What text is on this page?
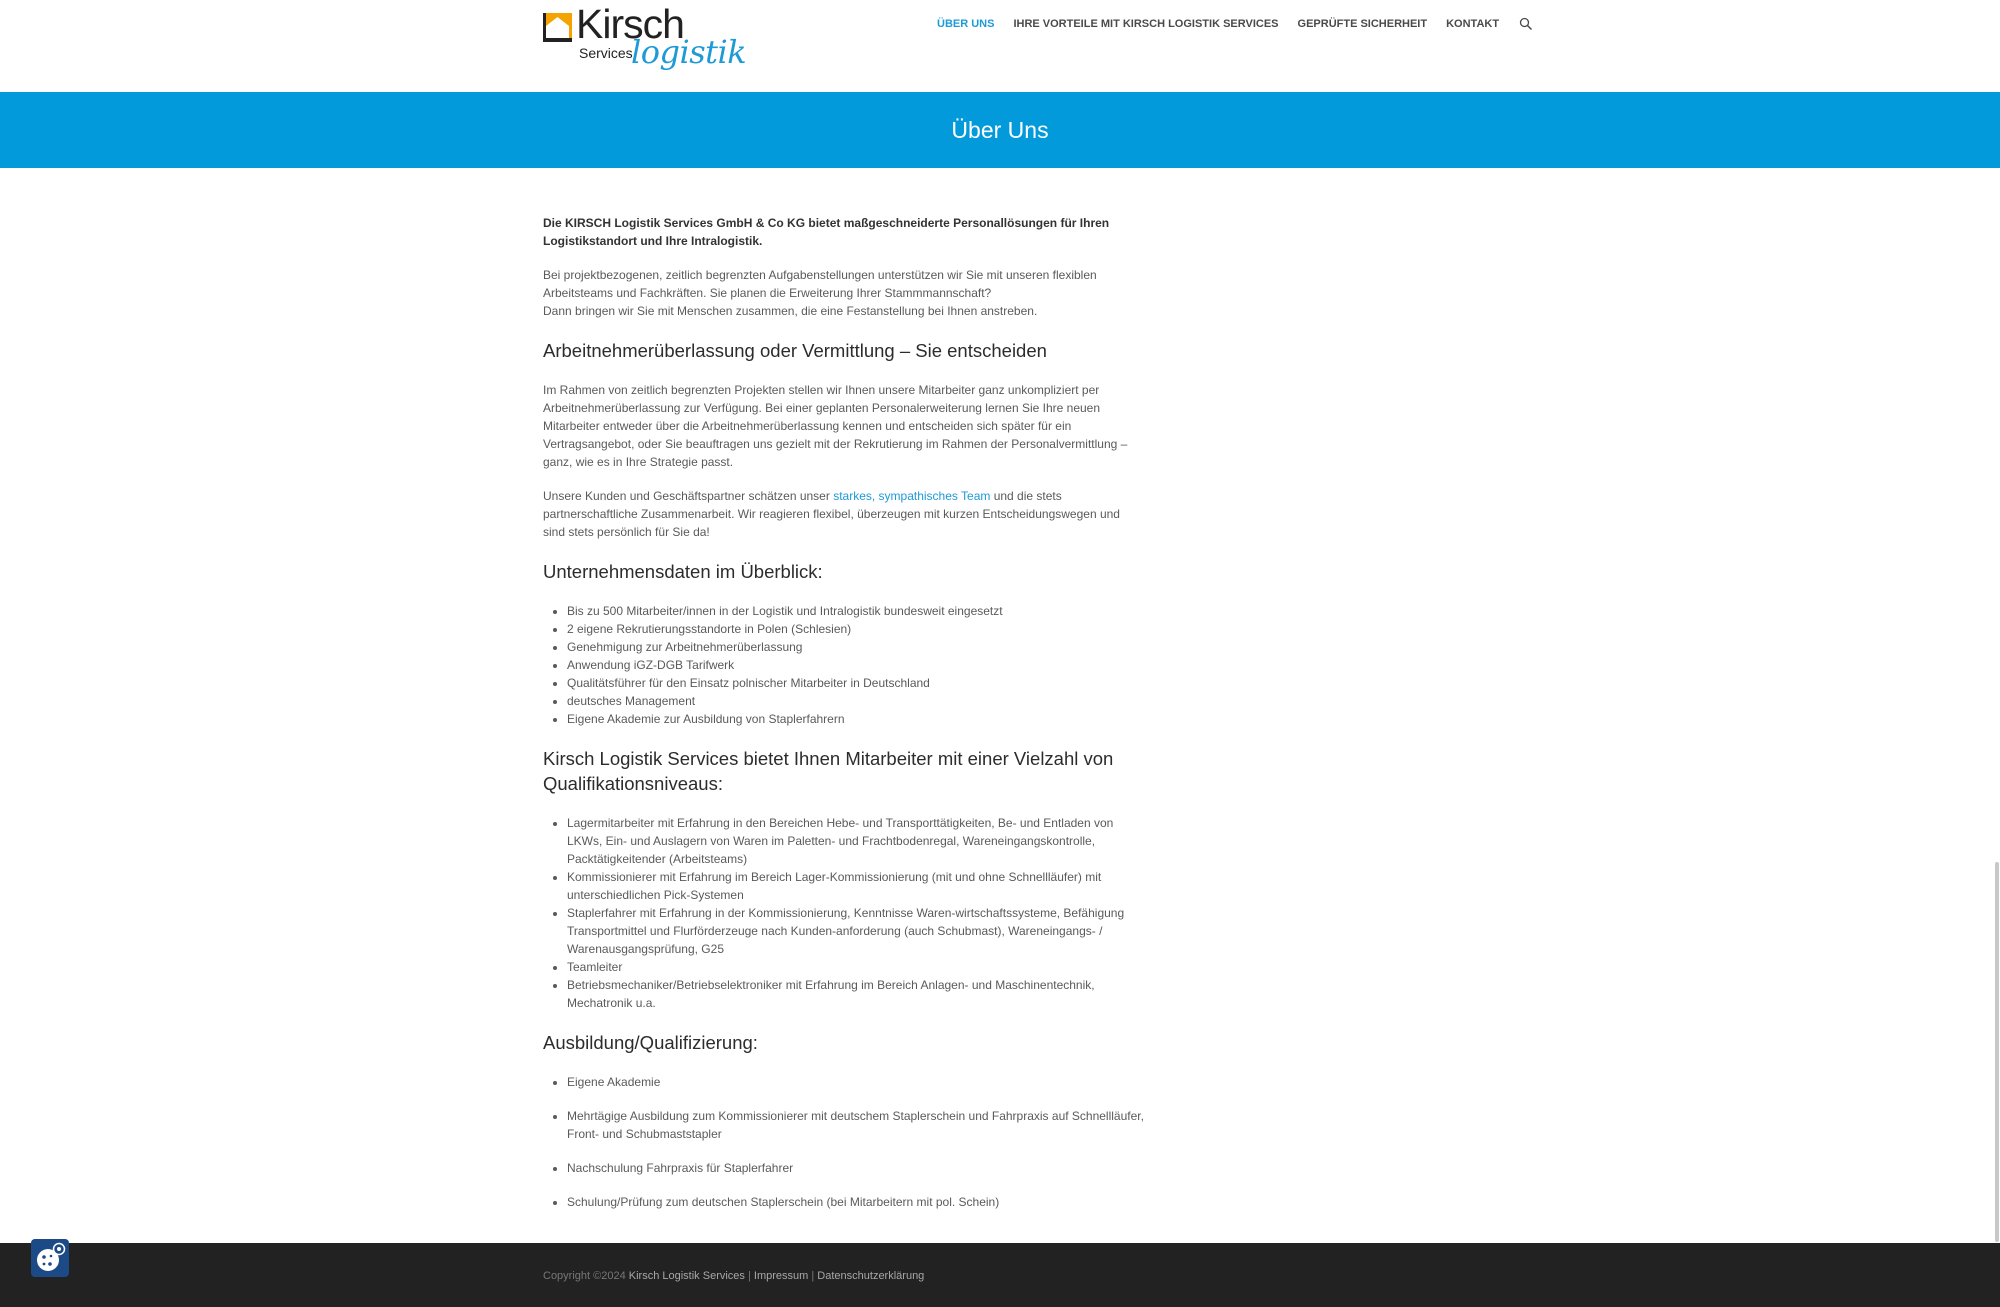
Kirsch
Services
logistik
ÜBER UNS IHRE VORTEILE MIT KIRSCH LOGISTIK SERVICES GEPRÜFTE SICHERHEIT KONTAKT
Über Uns

Die KIRSCH Logistik Services GmbH & Co KG bietet maßgeschneiderte Personallösungen für Ihren Logistikstandort und Ihre Intralogistik.

Bei projektbezogenen, zeitlich begrenzten Aufgabenstellungen unterstützen wir Sie mit unseren flexiblen Arbeitsteams und Fachkräften. Sie planen die Erweiterung Ihrer Stammmannschaft?
Dann bringen wir Sie mit Menschen zusammen, die eine Festanstellung bei Ihnen anstreben.

Arbeitnehmerüberlassung oder Vermittlung – Sie entscheiden

Im Rahmen von zeitlich begrenzten Projekten stellen wir Ihnen unsere Mitarbeiter ganz unkompliziert per Arbeitnehmerüberlassung zur Verfügung. Bei einer geplanten Personalerweiterung lernen Sie Ihre neuen Mitarbeiter entweder über die Arbeitnehmerüberlassung kennen und entscheiden sich später für ein Vertragsangebot, oder Sie beauftragen uns gezielt mit der Rekrutierung im Rahmen der Personalvermittlung – ganz, wie es in Ihre Strategie passt.

Unsere Kunden und Geschäftspartner schätzen unser starkes, sympathisches Team und die stets partnerschaftliche Zusammenarbeit. Wir reagieren flexibel, überzeugen mit kurzen Entscheidungswegen und sind stets persönlich für Sie da!

Unternehmensdaten im Überblick:
• Bis zu 500 Mitarbeiter/innen in der Logistik und Intralogistik bundesweit eingesetzt
• 2 eigene Rekrutierungsstandorte in Polen (Schlesien)
• Genehmigung zur Arbeitnehmerüberlassung
• Anwendung iGZ-DGB Tarifwerk
• Qualitätsführer für den Einsatz polnischer Mitarbeiter in Deutschland
• deutsches Management
• Eigene Akademie zur Ausbildung von Staplerfahrern
Kirsch Logistik Services bietet Ihnen Mitarbeiter mit einer Vielzahl von Qualifikationsniveaus:
• Lagermitarbeiter mit Erfahrung in den Bereichen Hebe- und Transporttätigkeiten, Be- und Entladen von LKWs, Ein- und Auslagern von Waren im Paletten- und Frachtbodenregal, Wareneingangskontrolle, Packtätigkeitender (Arbeitsteams)
• Kommissionierer mit Erfahrung im Bereich Lager-Kommissionierung (mit und ohne Schnellläufer) mit unterschiedlichen Pick-Systemen
• Staplerfahrer mit Erfahrung in der Kommissionierung, Kenntnisse Waren-wirtschaftssysteme, Befähigung Transportmittel und Flurförderzeuge nach Kunden-anforderung (auch Schubmast), Wareneingangs- / Warenausgangsprüfung, G25
• Teamleiter
• Betriebsmechaniker/Betriebselektroniker mit Erfahrung im Bereich Anlagen- und Maschinentechnik, Mechatronik u.a.
Ausbildung/Qualifizierung:
• Eigene Akademie
• Mehrtägige Ausbildung zum Kommissionierer mit deutschem Staplerschein und Fahrpraxis auf Schnellläufer, Front- und Schubmaststapler
• Nachschulung Fahrpraxis für Staplerfahrer
• Schulung/Prüfung zum deutschen Staplerschein (bei Mitarbeitern mit pol. Schein)
Copyright ©2024 Kirsch Logistik Services | Impressum | Datenschutzerklärung
